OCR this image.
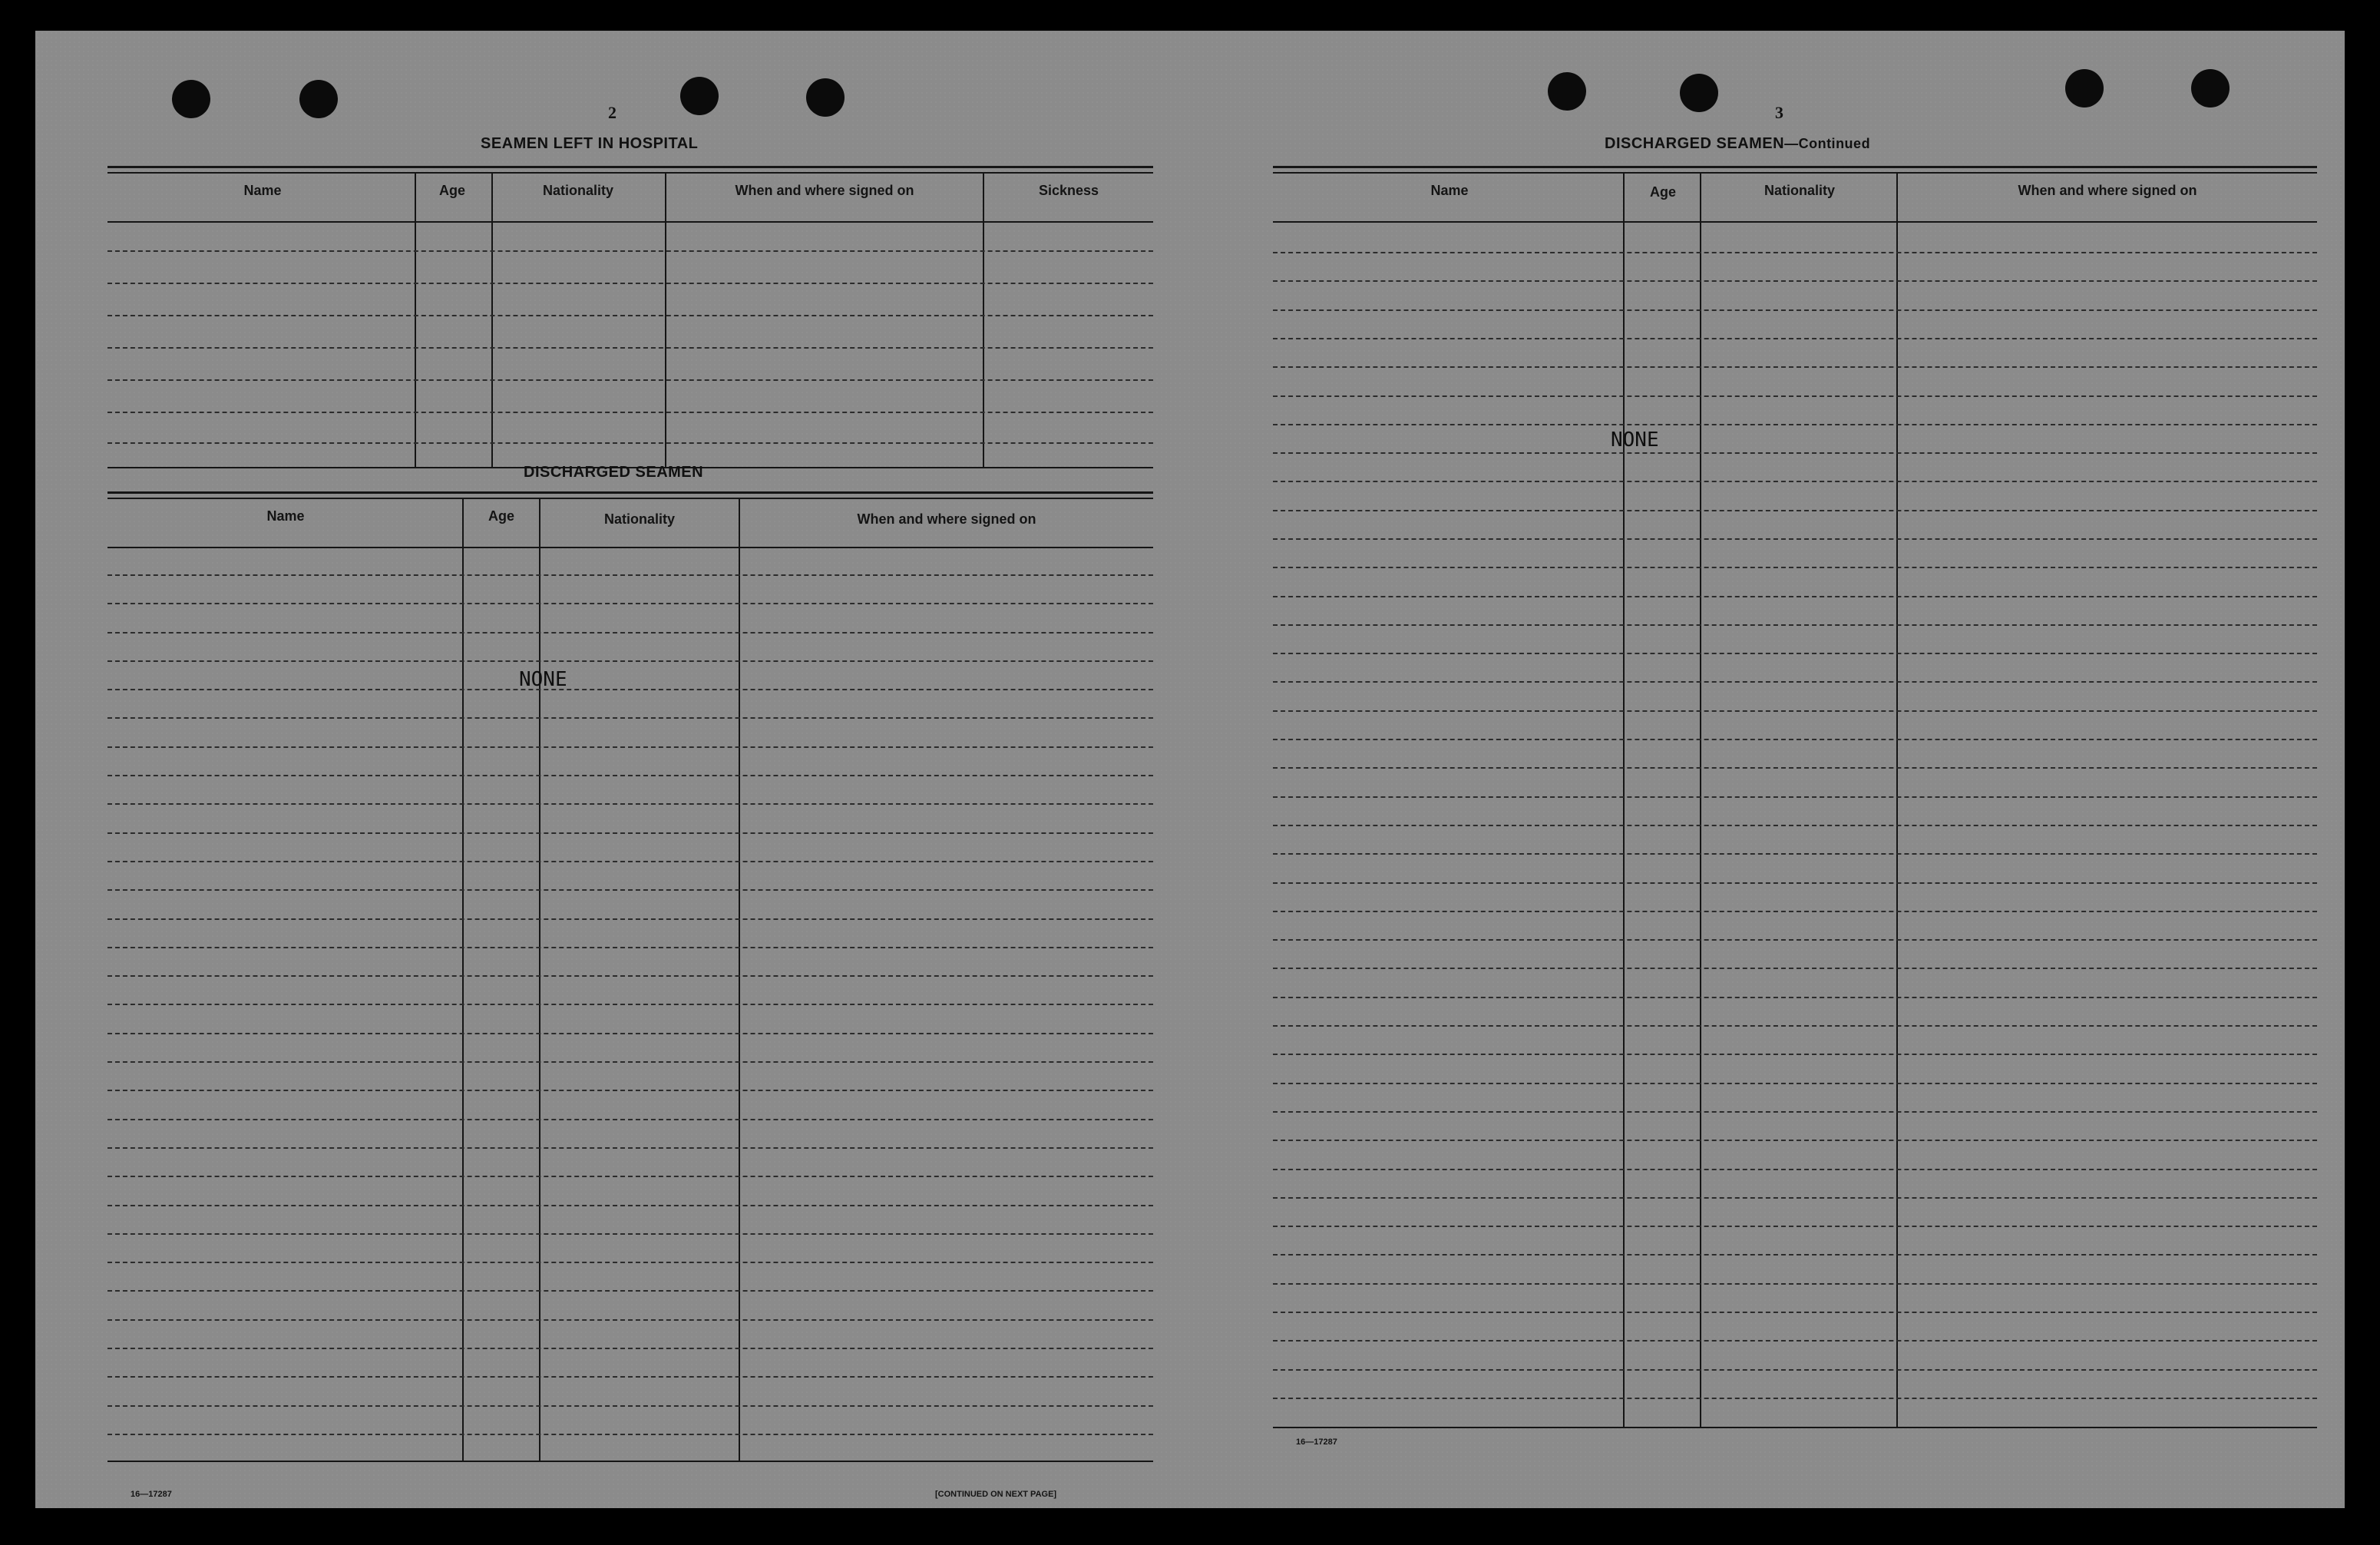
2
SEAMEN LEFT IN HOSPITAL
Name	Age	Nationality	When and where signed on	Sickness
DISCHARGED SEAMEN
Name	Age	Nationality	When and where signed on
NONE
16—17287	[CONTINUED ON NEXT PAGE]
3
DISCHARGED SEAMEN—Continued
Name	Age	Nationality	When and where signed on
NONE
16—17287
